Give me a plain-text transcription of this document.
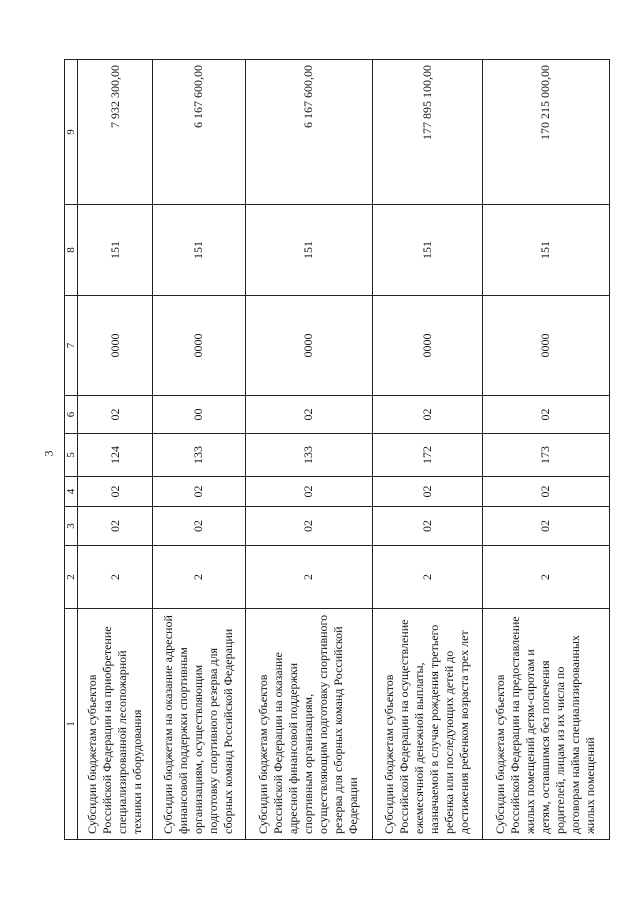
3
1	2	3	4	5	6	7	8	9
Субсидии бюджетам субъектов Российской Федерации на приобретение специализированной лесопожарной техники и оборудования	2	02	02	124	02	0000	151	7 932 300,00
Субсидии бюджетам на оказание адресной финансовой поддержки спортивным организациям, осуществляющим подготовку спортивного резерва для сборных команд Российской Федерации	2	02	02	133	00	0000	151	6 167 600,00
Субсидии бюджетам субъектов Российской Федерации на оказание адресной финансовой поддержки спортивным организациям, осуществляющим подготовку спортивного резерва для сборных команд Российской Федерации	2	02	02	133	02	0000	151	6 167 600,00
Субсидии бюджетам субъектов Российской Федерации на осуществление ежемесячной денежной выплаты, назначаемой в случае рождения третьего ребенка или последующих детей до достижения ребенком возраста трех лет	2	02	02	172	02	0000	151	177 895 100,00
Субсидии бюджетам субъектов Российской Федерации на предоставление жилых помещений детям-сиротам и детям, оставшимся без попечения родителей, лицам из их числа по договорам найма специализированных жилых помещений	2	02	02	173	02	0000	151	170 215 000,00
